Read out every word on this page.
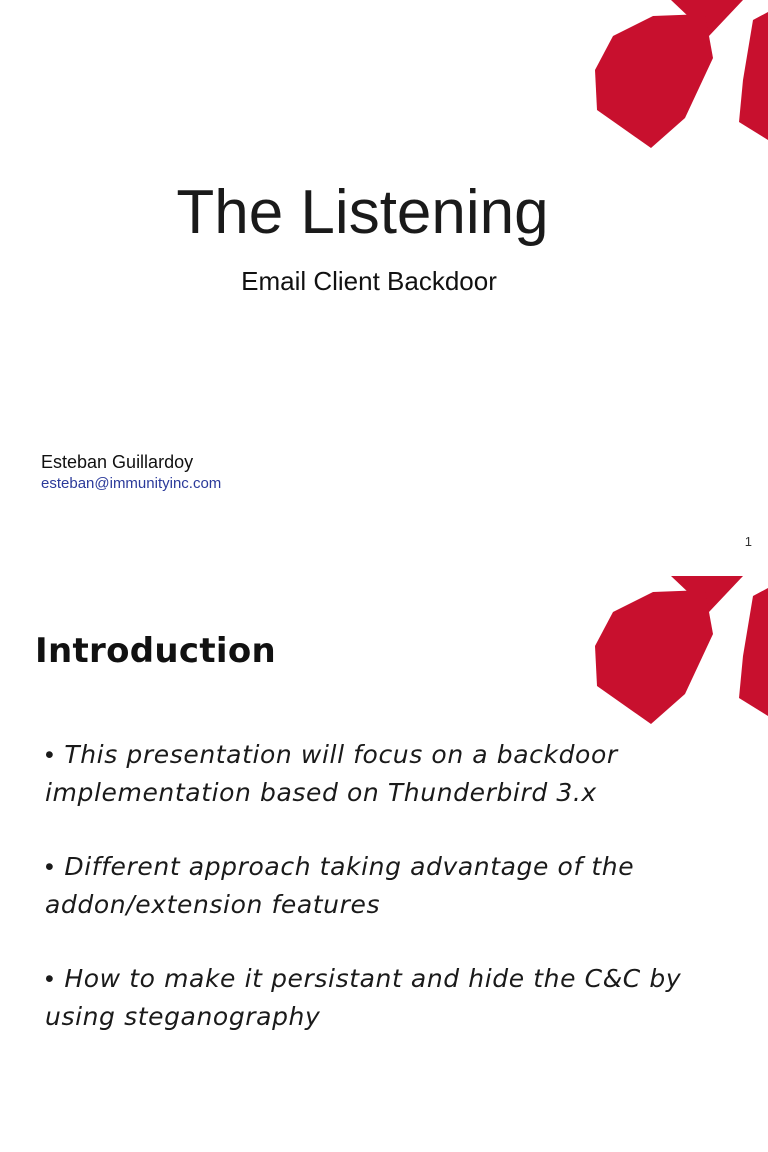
The Listening
Email Client Backdoor
Esteban Guillardoy
esteban@immunityinc.com
1
Introduction
• This presentation will focus on a backdoor implementation based on Thunderbird 3.x
• Different approach taking advantage of the addon/extension features
• How to make it persistant and hide the C&C by using steganography
